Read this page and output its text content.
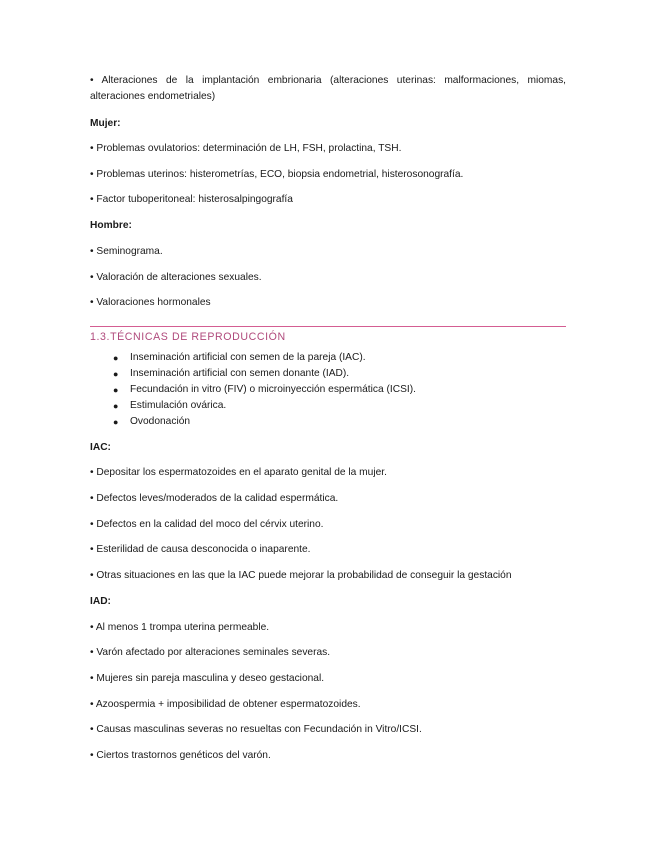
• Alteraciones de la implantación embrionaria (alteraciones uterinas: malformaciones, miomas, alteraciones endometriales)
Mujer:
• Problemas ovulatorios: determinación de LH, FSH, prolactina, TSH.
• Problemas uterinos: histerometrías, ECO, biopsia endometrial, histerosonografía.
• Factor tuboperitoneal: histerosalpingografía
Hombre:
• Seminograma.
• Valoración de alteraciones sexuales.
• Valoraciones hormonales
1.3.TÉCNICAS DE REPRODUCCIÓN
● Inseminación artificial con semen de la pareja (IAC).
● Inseminación artificial con semen donante (IAD).
● Fecundación in vitro (FIV) o microinyección espermática (ICSI).
● Estimulación ovárica.
● Ovodonación
IAC:
• Depositar los espermatozoides en el aparato genital de la mujer.
• Defectos leves/moderados de la calidad espermática.
• Defectos en la calidad del moco del cérvix uterino.
• Esterilidad de causa desconocida o inaparente.
• Otras situaciones en las que la IAC puede mejorar la probabilidad de conseguir la gestación
IAD:
• Al menos 1 trompa uterina permeable.
• Varón afectado por alteraciones seminales severas.
• Mujeres sin pareja masculina y deseo gestacional.
• Azoospermia + imposibilidad de obtener espermatozoides.
• Causas masculinas severas no resueltas con Fecundación in Vitro/ICSI.
• Ciertos trastornos genéticos del varón.
